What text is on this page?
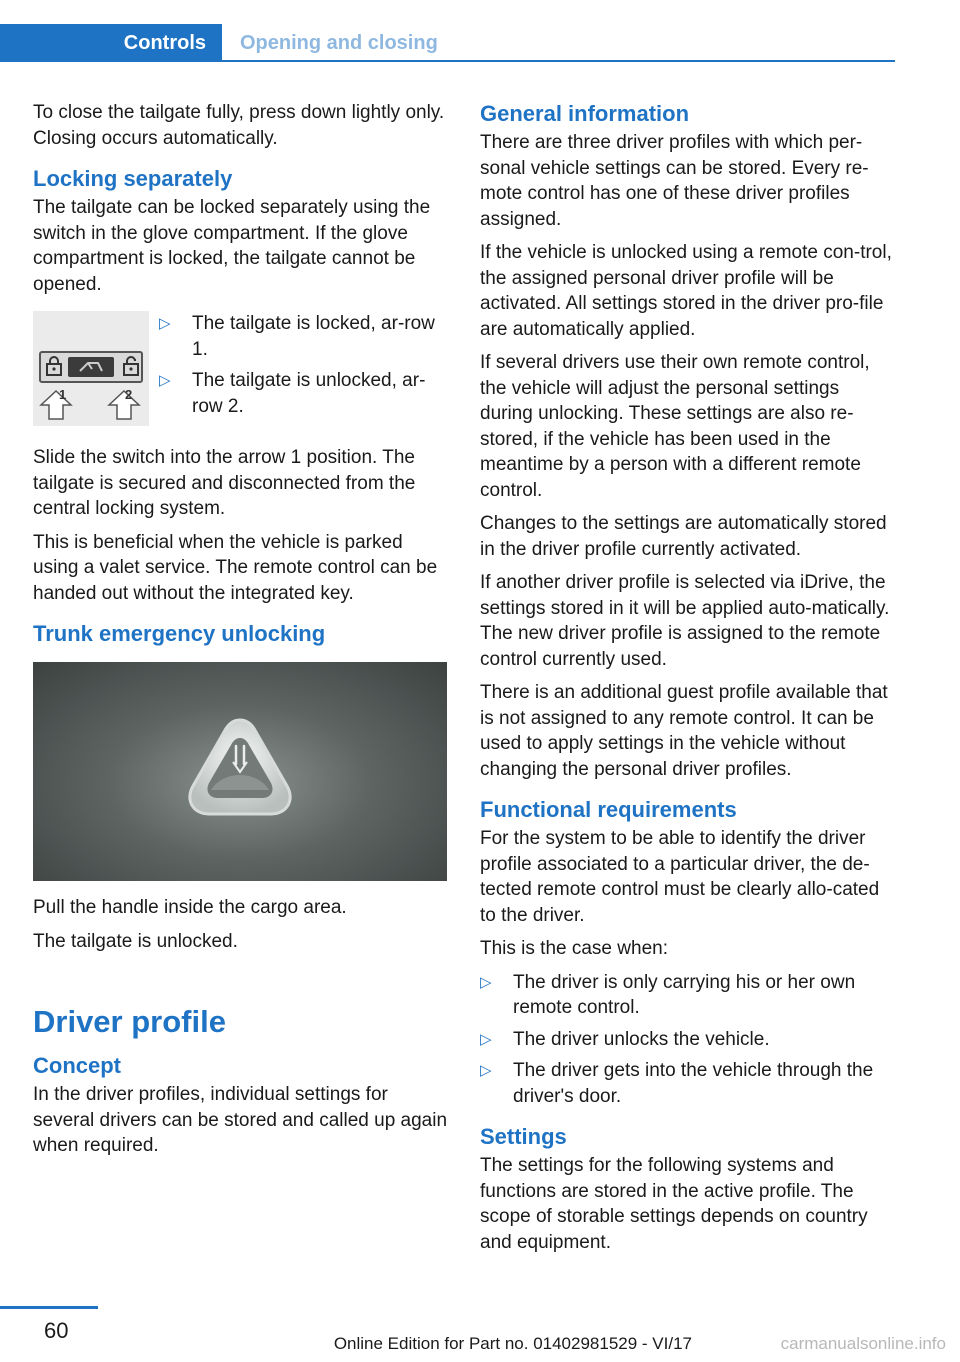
Controls	Opening and closing

To close the tailgate fully, press down lightly only. Closing occurs automatically.

Locking separately

The tailgate can be locked separately using the switch in the glove compartment. If the glove compartment is locked, the tailgate cannot be opened.

1	2
▷ The tailgate is locked, ar-row 1.
▷ The tailgate is unlocked, ar-row 2.

Slide the switch into the arrow 1 position. The tailgate is secured and disconnected from the central locking system.

This is beneficial when the vehicle is parked using a valet service. The remote control can be handed out without the integrated key.

Trunk emergency unlocking

Pull the handle inside the cargo area.

The tailgate is unlocked.

Driver profile
Concept

In the driver profiles, individual settings for several drivers can be stored and called up again when required.

General information

There are three driver profiles with which per-sonal vehicle settings can be stored. Every re-mote control has one of these driver profiles assigned.

If the vehicle is unlocked using a remote con-trol, the assigned personal driver profile will be activated. All settings stored in the driver pro-file are automatically applied.

If several drivers use their own remote control, the vehicle will adjust the personal settings during unlocking. These settings are also re-stored, if the vehicle has been used in the meantime by a person with a different remote control.

Changes to the settings are automatically stored in the driver profile currently activated.

If another driver profile is selected via iDrive, the settings stored in it will be applied auto-matically. The new driver profile is assigned to the remote control currently used.

There is an additional guest profile available that is not assigned to any remote control. It can be used to apply settings in the vehicle without changing the personal driver profiles.

Functional requirements

For the system to be able to identify the driver profile associated to a particular driver, the de-tected remote control must be clearly allo-cated to the driver.

This is the case when:

▷ The driver is only carrying his or her own remote control.
▷ The driver unlocks the vehicle.
▷ The driver gets into the vehicle through the driver's door.
Settings

The settings for the following systems and functions are stored in the active profile. The scope of storable settings depends on country and equipment.

60
Online Edition for Part no. 01402981529 - VI/17	carmanualsonline.info
